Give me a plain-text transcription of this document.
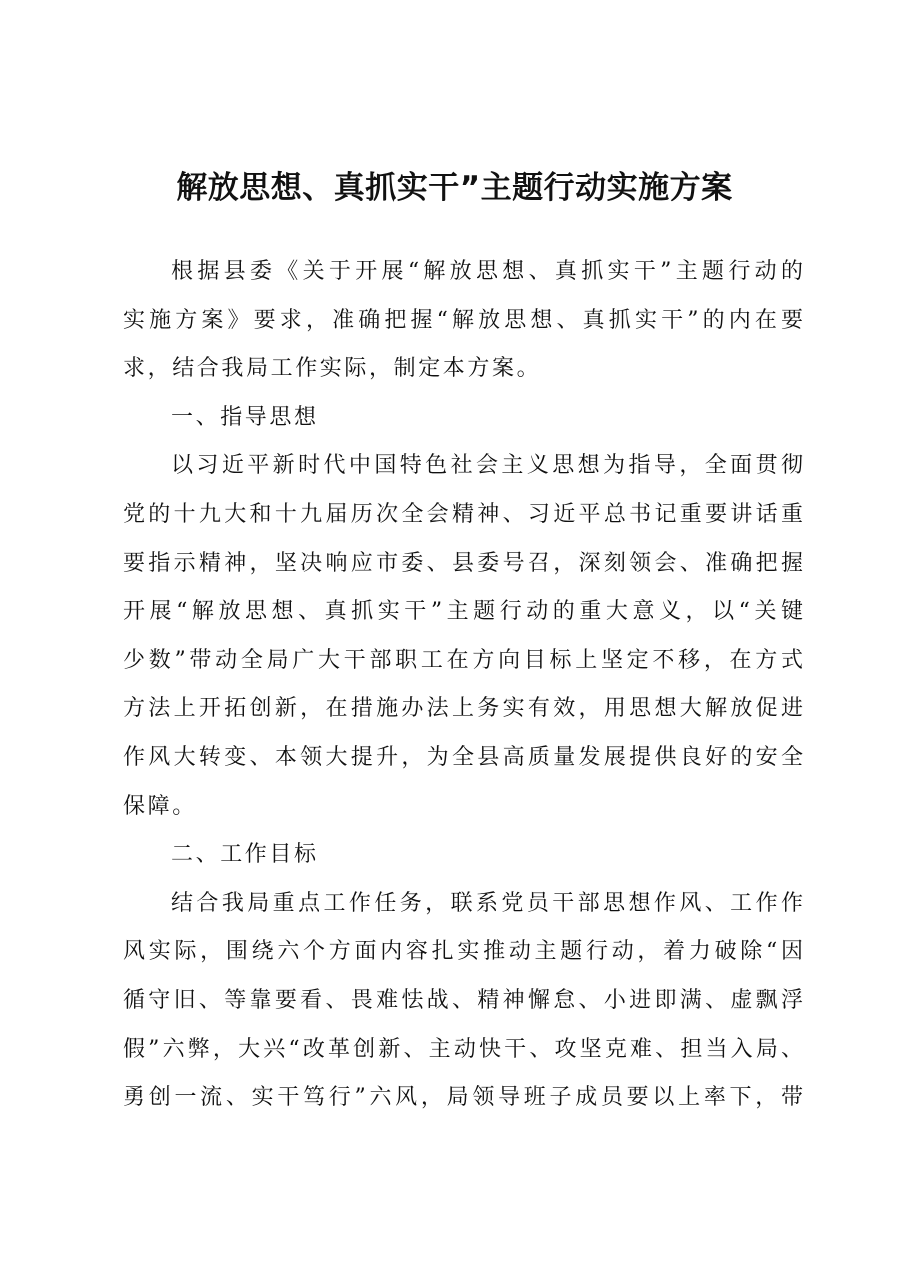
解放思想、真抓实干”主题行动实施方案
根据县委《关于开展“解放思想、真抓实干”主题行动的
实施方案》要求，准确把握“解放思想、真抓实干”的内在要
求，结合我局工作实际，制定本方案。
一、指导思想
以习近平新时代中国特色社会主义思想为指导，全面贯彻
党的十九大和十九届历次全会精神、习近平总书记重要讲话重
要指示精神，坚决响应市委、县委号召，深刻领会、准确把握
开展“解放思想、真抓实干”主题行动的重大意义，以“关键
少数”带动全局广大干部职工在方向目标上坚定不移，在方式
方法上开拓创新，在措施办法上务实有效，用思想大解放促进
作风大转变、本领大提升，为全县高质量发展提供良好的安全
保障。
二、工作目标
结合我局重点工作任务，联系党员干部思想作风、工作作
风实际，围绕六个方面内容扎实推动主题行动，着力破除“因
循守旧、等靠要看、畏难怯战、精神懈怠、小进即满、虚飘浮
假”六弊，大兴“改革创新、主动快干、攻坚克难、担当入局、
勇创一流、实干笃行”六风，局领导班子成员要以上率下，带
